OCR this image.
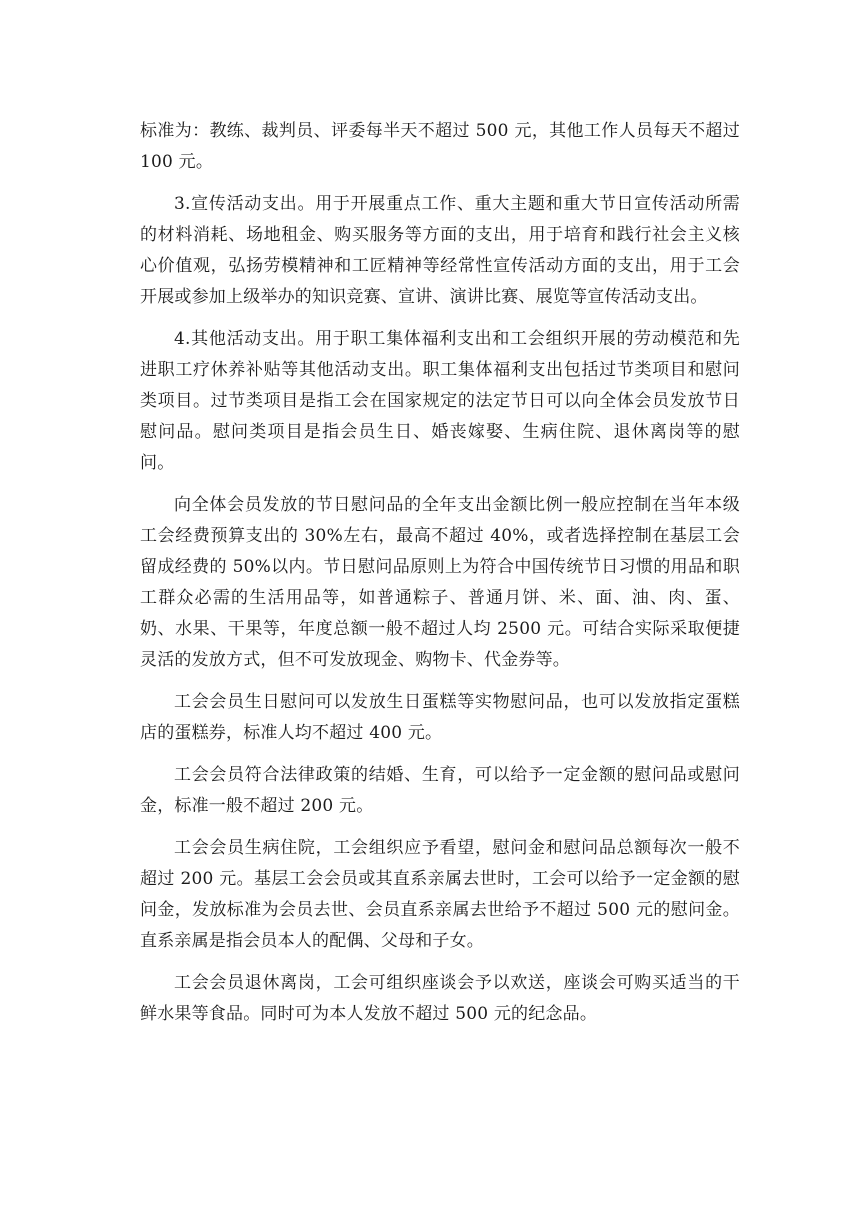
标准为：教练、裁判员、评委每半天不超过 500 元，其他工作人员每天不超过 100 元。

3.宣传活动支出。用于开展重点工作、重大主题和重大节日宣传活动所需的材料消耗、场地租金、购买服务等方面的支出，用于培育和践行社会主义核心价值观，弘扬劳模精神和工匠精神等经常性宣传活动方面的支出，用于工会开展或参加上级举办的知识竞赛、宣讲、演讲比赛、展览等宣传活动支出。

4.其他活动支出。用于职工集体福利支出和工会组织开展的劳动模范和先进职工疗休养补贴等其他活动支出。职工集体福利支出包括过节类项目和慰问类项目。过节类项目是指工会在国家规定的法定节日可以向全体会员发放节日慰问品。慰问类项目是指会员生日、婚丧嫁娶、生病住院、退休离岗等的慰问。

向全体会员发放的节日慰问品的全年支出金额比例一般应控制在当年本级工会经费预算支出的 30%左右，最高不超过 40%，或者选择控制在基层工会留成经费的 50%以内。节日慰问品原则上为符合中国传统节日习惯的用品和职工群众必需的生活用品等，如普通粽子、普通月饼、米、面、油、肉、蛋、奶、水果、干果等，年度总额一般不超过人均 2500 元。可结合实际采取便捷灵活的发放方式，但不可发放现金、购物卡、代金券等。

工会会员生日慰问可以发放生日蛋糕等实物慰问品，也可以发放指定蛋糕店的蛋糕券，标准人均不超过 400 元。

工会会员符合法律政策的结婚、生育，可以给予一定金额的慰问品或慰问金，标准一般不超过 200 元。

工会会员生病住院，工会组织应予看望，慰问金和慰问品总额每次一般不超过 200 元。基层工会会员或其直系亲属去世时，工会可以给予一定金额的慰问金，发放标准为会员去世、会员直系亲属去世给予不超过 500 元的慰问金。直系亲属是指会员本人的配偶、父母和子女。

工会会员退休离岗，工会可组织座谈会予以欢送，座谈会可购买适当的干鲜水果等食品。同时可为本人发放不超过 500 元的纪念品。
